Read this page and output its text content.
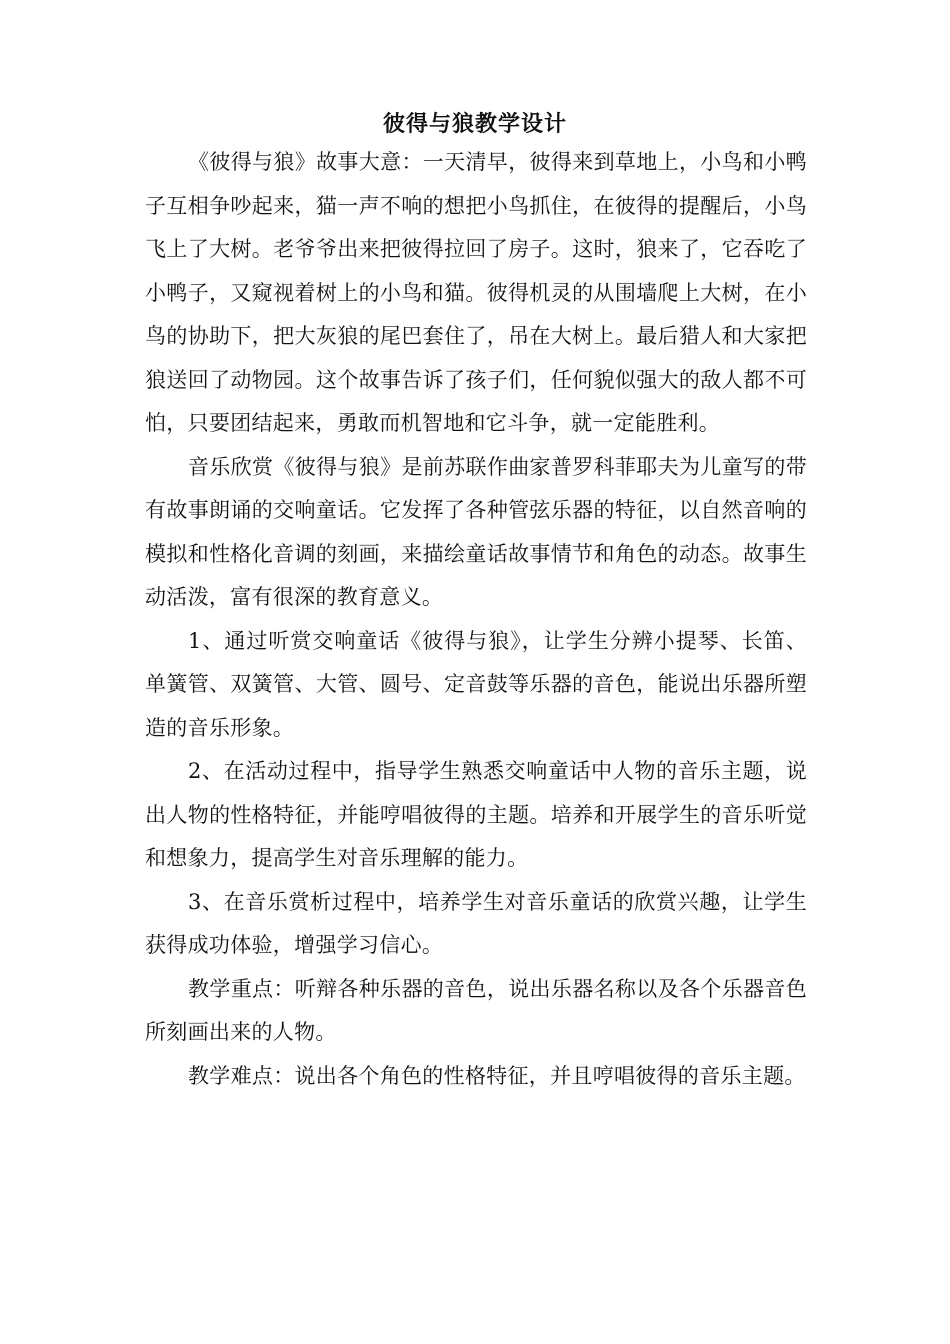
彼得与狼教学设计

《彼得与狼》故事大意：一天清早，彼得来到草地上，小鸟和小鸭子互相争吵起来，猫一声不响的想把小鸟抓住，在彼得的提醒后，小鸟飞上了大树。老爷爷出来把彼得拉回了房子。这时，狼来了，它吞吃了小鸭子，又窥视着树上的小鸟和猫。彼得机灵的从围墙爬上大树，在小鸟的协助下，把大灰狼的尾巴套住了，吊在大树上。最后猎人和大家把狼送回了动物园。这个故事告诉了孩子们，任何貌似强大的敌人都不可怕，只要团结起来，勇敢而机智地和它斗争，就一定能胜利。

音乐欣赏《彼得与狼》是前苏联作曲家普罗科菲耶夫为儿童写的带有故事朗诵的交响童话。它发挥了各种管弦乐器的特征，以自然音响的模拟和性格化音调的刻画，来描绘童话故事情节和角色的动态。故事生动活泼，富有很深的教育意义。

1、通过听赏交响童话《彼得与狼》，让学生分辨小提琴、长笛、单簧管、双簧管、大管、圆号、定音鼓等乐器的音色，能说出乐器所塑造的音乐形象。

2、在活动过程中，指导学生熟悉交响童话中人物的音乐主题，说出人物的性格特征，并能哼唱彼得的主题。培养和开展学生的音乐听觉和想象力，提高学生对音乐理解的能力。

3、在音乐赏析过程中，培养学生对音乐童话的欣赏兴趣，让学生获得成功体验，增强学习信心。

教学重点：听辩各种乐器的音色，说出乐器名称以及各个乐器音色所刻画出来的人物。

教学难点：说出各个角色的性格特征，并且哼唱彼得的音乐主题。
